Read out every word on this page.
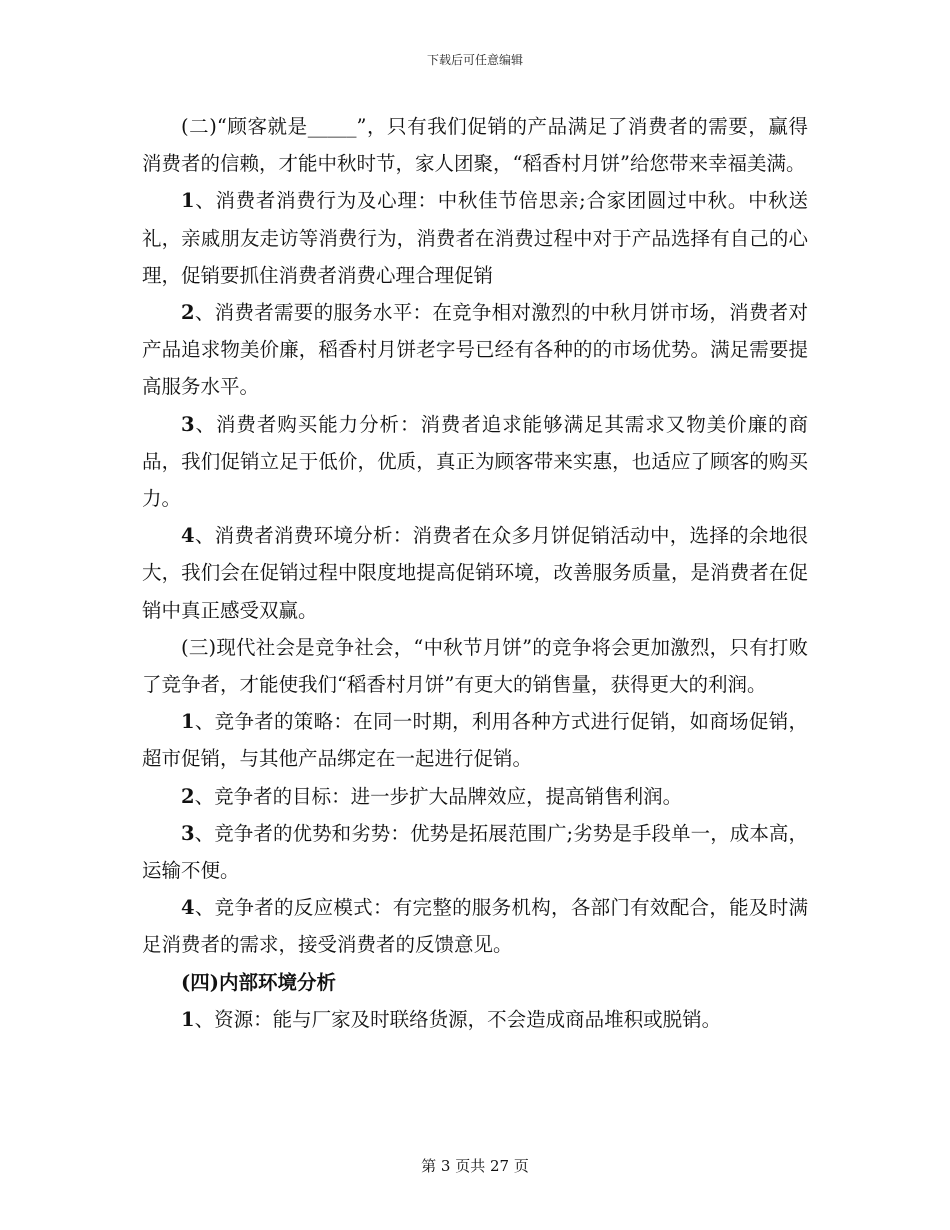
下载后可任意编辑

(二)“顾客就是_____”，只有我们促销的产品满足了消费者的需要，赢得消费者的信赖，才能中秋时节，家人团聚，“稻香村月饼”给您带来幸福美满。

1、消费者消费行为及心理：中秋佳节倍思亲;合家团圆过中秋。中秋送礼，亲戚朋友走访等消费行为，消费者在消费过程中对于产品选择有自己的心理，促销要抓住消费者消费心理合理促销

2、消费者需要的服务水平：在竞争相对激烈的中秋月饼市场，消费者对产品追求物美价廉，稻香村月饼老字号已经有各种的的市场优势。满足需要提高服务水平。

3、消费者购买能力分析：消费者追求能够满足其需求又物美价廉的商品，我们促销立足于低价，优质，真正为顾客带来实惠，也适应了顾客的购买力。

4、消费者消费环境分析：消费者在众多月饼促销活动中，选择的余地很大，我们会在促销过程中限度地提高促销环境，改善服务质量，是消费者在促销中真正感受双赢。

(三)现代社会是竞争社会，“中秋节月饼”的竞争将会更加激烈，只有打败了竞争者，才能使我们“稻香村月饼”有更大的销售量，获得更大的利润。

1、竞争者的策略：在同一时期，利用各种方式进行促销，如商场促销，超市促销，与其他产品绑定在一起进行促销。

2、竞争者的目标：进一步扩大品牌效应，提高销售利润。

3、竞争者的优势和劣势：优势是拓展范围广;劣势是手段单一，成本高，运输不便。

4、竞争者的反应模式：有完整的服务机构，各部门有效配合，能及时满足消费者的需求，接受消费者的反馈意见。

(四)内部环境分析

1、资源：能与厂家及时联络货源，不会造成商品堆积或脱销。

第 3 页共 27 页
